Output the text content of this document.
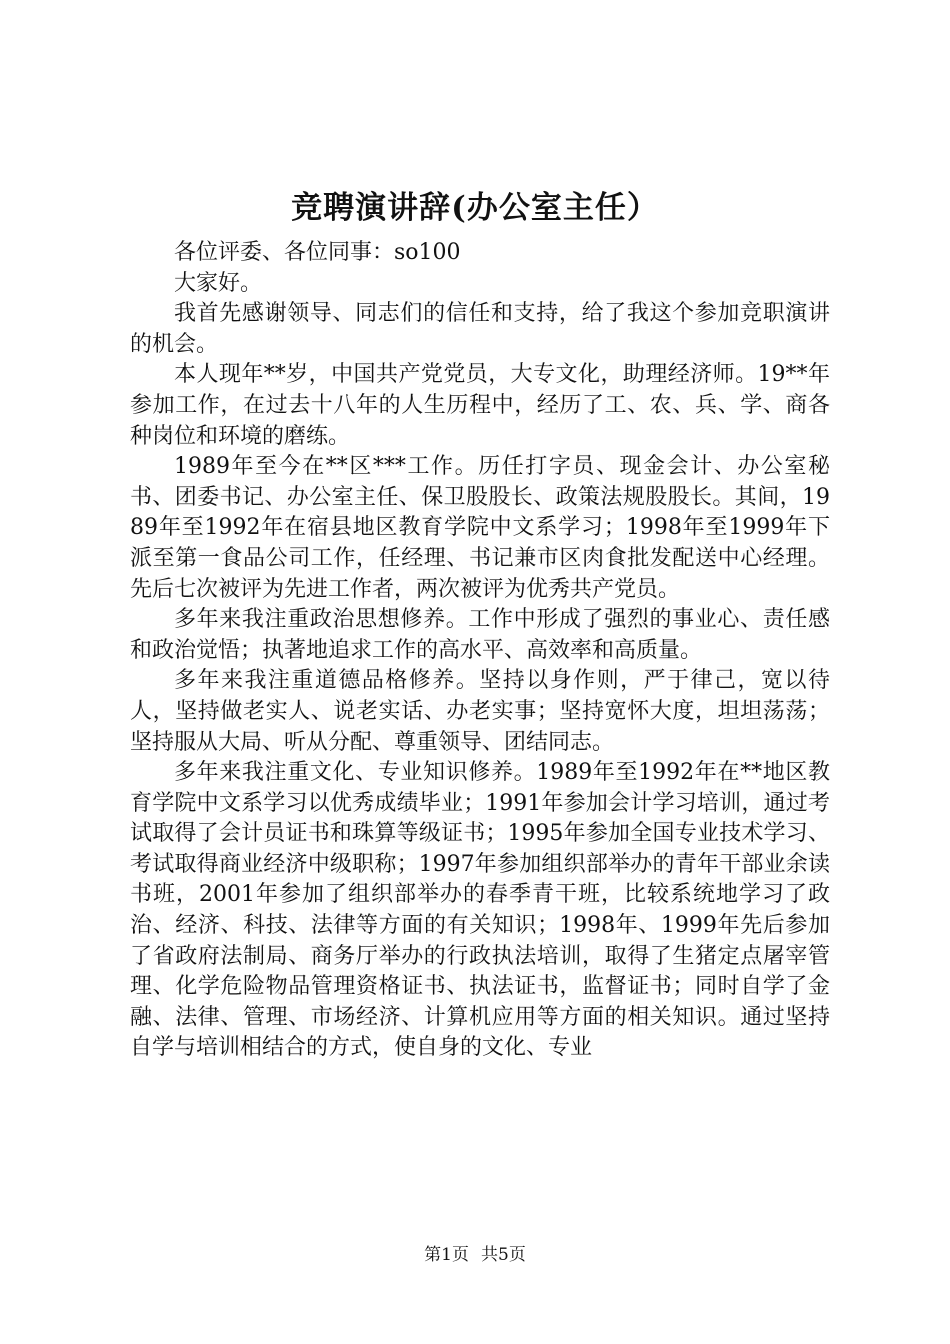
竞聘演讲辞(办公室主任）

各位评委、各位同事：so100

大家好。

我首先感谢领导、同志们的信任和支持，给了我这个参加竞职演讲的机会。

本人现年**岁，中国共产党党员，大专文化，助理经济师。19**年参加工作，在过去十八年的人生历程中，经历了工、农、兵、学、商各种岗位和环境的磨练。

1989年至今在**区***工作。历任打字员、现金会计、办公室秘书、团委书记、办公室主任、保卫股股长、政策法规股股长。其间，1989年至1992年在宿县地区教育学院中文系学习；1998年至1999年下派至第一食品公司工作，任经理、书记兼市区肉食批发配送中心经理。先后七次被评为先进工作者，两次被评为优秀共产党员。

多年来我注重政治思想修养。工作中形成了强烈的事业心、责任感和政治觉悟；执著地追求工作的高水平、高效率和高质量。

多年来我注重道德品格修养。坚持以身作则，严于律己，宽以待人，坚持做老实人、说老实话、办老实事；坚持宽怀大度，坦坦荡荡；坚持服从大局、听从分配、尊重领导、团结同志。

多年来我注重文化、专业知识修养。1989年至1992年在**地区教育学院中文系学习以优秀成绩毕业；1991年参加会计学习培训，通过考试取得了会计员证书和珠算等级证书；1995年参加全国专业技术学习、考试取得商业经济中级职称；1997年参加组织部举办的青年干部业余读书班，2001年参加了组织部举办的春季青干班，比较系统地学习了政治、经济、科技、法律等方面的有关知识；1998年、1999年先后参加了省政府法制局、商务厅举办的行政执法培训，取得了生猪定点屠宰管理、化学危险物品管理资格证书、执法证书，监督证书；同时自学了金融、法律、管理、市场经济、计算机应用等方面的相关知识。通过坚持自学与培训相结合的方式，使自身的文化、专业

第1页 共5页
